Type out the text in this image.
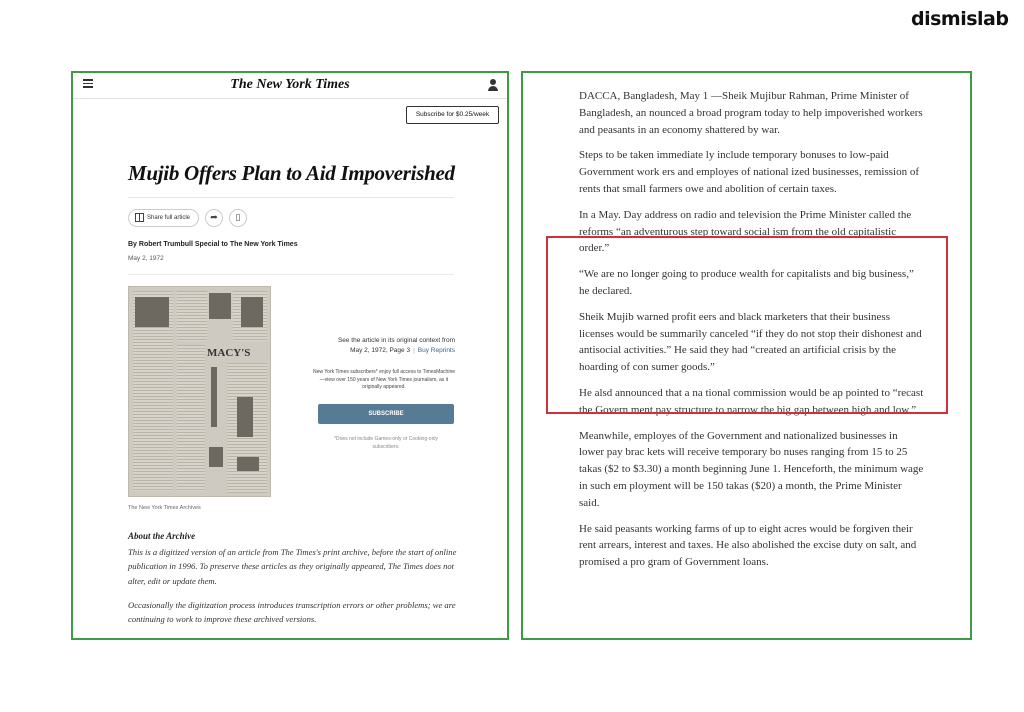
dismislab
The New York Times
Subscribe for $0.25/week
Mujib Offers Plan to Aid Impoverished
Share full article	➦	▯
By Robert Trumbull Special to The New York Times
May 2, 1972
MACY'S
The New York Times Archives
See the article in its original context from
May 2, 1972, Page 3 | Buy Reprints
New York Times subscribers* enjoy full access to TimesMachine—view over 150 years of New York Times journalism, as it originally appeared.
SUBSCRIBE
*Does not include Games-only or Cooking-only subscribers.
About the Archive
This is a digitized version of an article from The Times's print archive, before the start of online publication in 1996. To preserve these articles as they originally appeared, The Times does not alter, edit or update them.
Occasionally the digitization process introduces transcription errors or other problems; we are continuing to work to improve these archived versions.

DACCA, Bangladesh, May 1 —Sheik Mujibur Rahman, Prime Minister of Bangladesh, an nounced a broad program today to help impoverished workers and peasants in an economy shattered by war.

Steps to be taken immediate ly include temporary bonuses to low-paid Government work ers and employes of national ized businesses, remission of rents that small farmers owe and abolition of certain taxes.

In a May. Day address on radio and television the Prime Minister called the reforms “an adventurous step toward social ism from the old capitalistic order.”

“We are no longer going to produce wealth for capitalists and big business,” he declared.

Sheik Mujib warned profit eers and black marketers that their business licenses would be summarily canceled “if they do not stop their dishonest and antisocial activities.” He said they had “created an artificial crisis by the hoarding of con sumer goods.”

He alsd announced that a na tional commission would be ap pointed to “recast the Govern ment pay structure to narrow the big gap between high and low.”

Meanwhile, employes of the Government and nationalized businesses in lower pay brac kets will receive temporary bo nuses ranging from 15 to 25 takas ($2 to $3.30) a month beginning June 1. Henceforth, the minimum wage in such em ployment will be 150 takas ($20) a month, the Prime Minister said.

He said peasants working farms of up to eight acres would be forgiven their rent arrears, interest and taxes. He also abolished the excise duty on salt, and promised a pro gram of Government loans.
